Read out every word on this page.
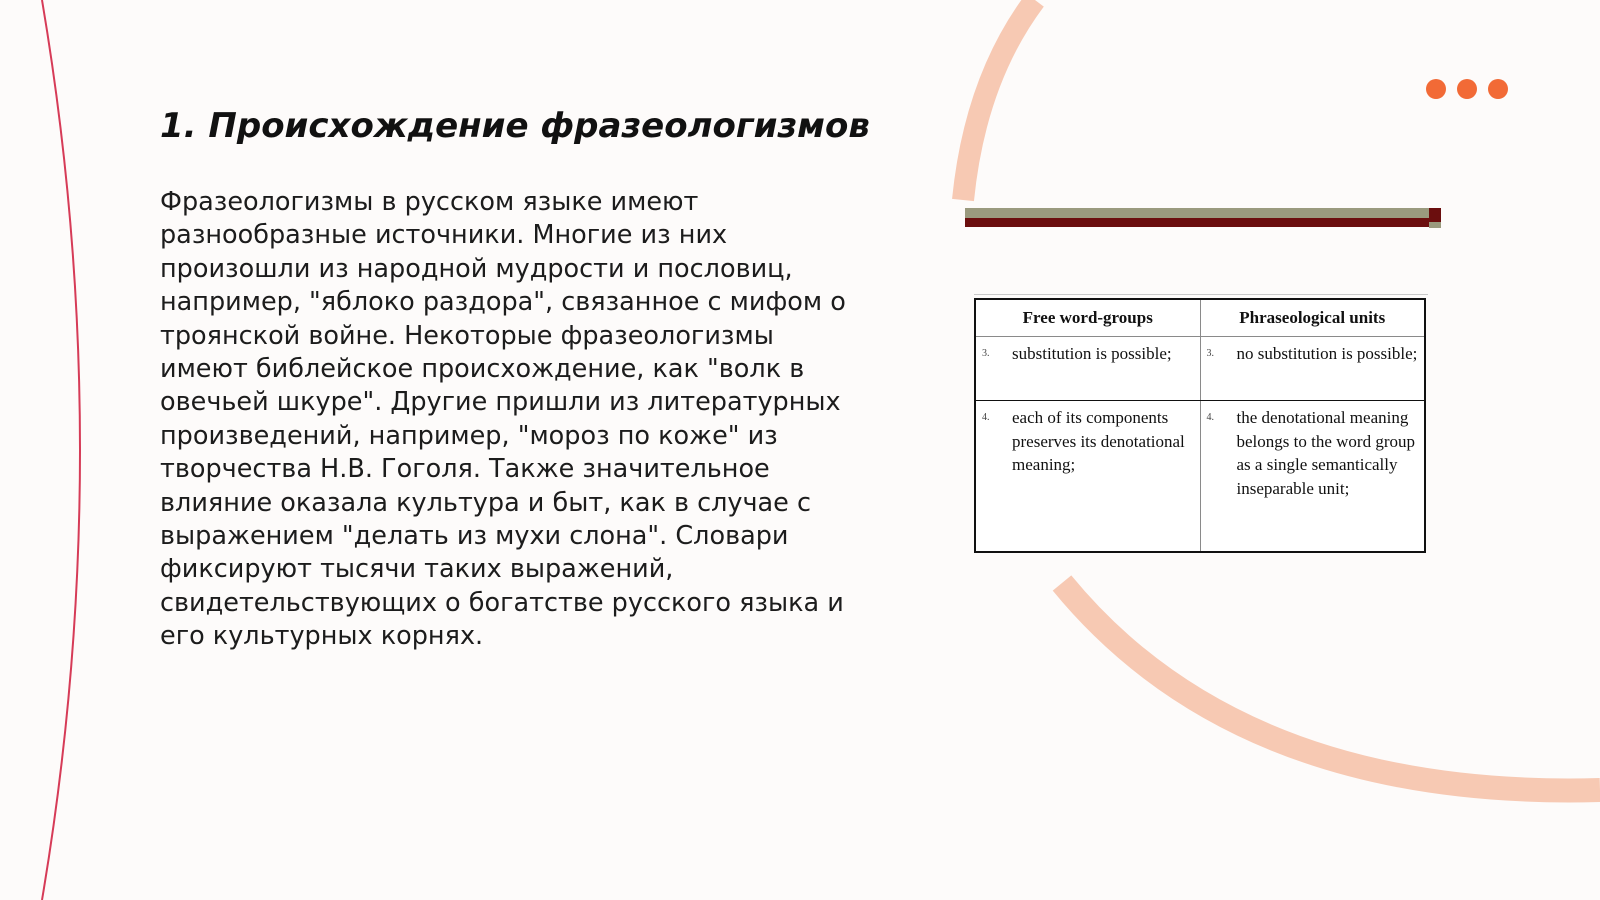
1. Происхождение фразеологизмов

Фразеологизмы в русском языке имеют разнообразные источники. Многие из них произошли из народной мудрости и пословиц, например, "яблоко раздора", связанное с мифом о троянской войне. Некоторые фразеологизмы имеют библейское происхождение, как "волк в овечьей шкуре". Другие пришли из литературных произведений, например, "мороз по коже" из творчества Н.В. Гоголя. Также значительное влияние оказала культура и быт, как в случае с выражением "делать из мухи слона". Словари фиксируют тысячи таких выражений, свидетельствующих о богатстве русского языка и его культурных корнях.

Free word-groups	Phraseological units

3. substitution is possible;	3. no substitution is possible;

4. each of its components preserves its denotational meaning;	4. the denotational meaning belongs to the word group as a single semantically inseparable unit;
